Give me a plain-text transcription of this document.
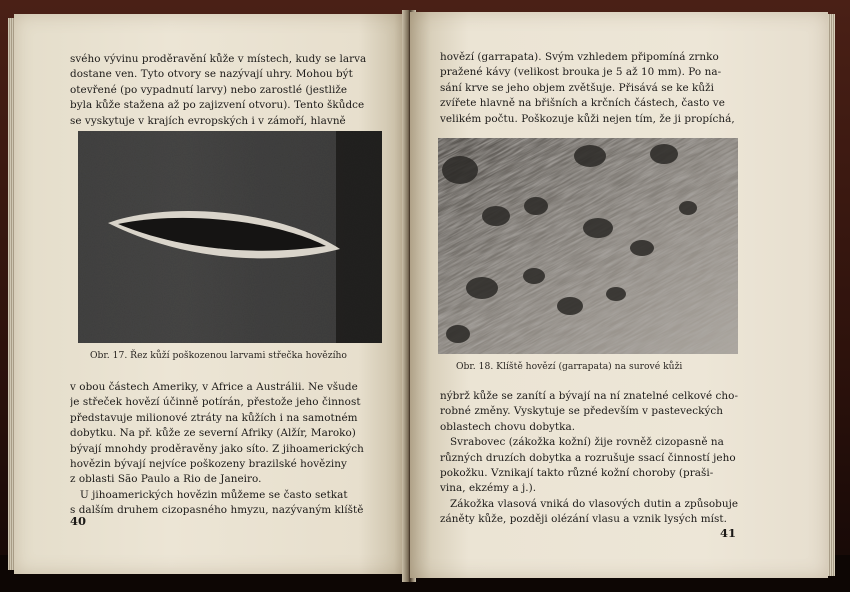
svého vývinu proděravění kůže v místech, kudy se larva
dostane ven. Tyto otvory se nazývají uhry. Mohou být
otevřené (po vypadnutí larvy) nebo zarostlé (jestliže
byla kůže stažena až po zajizvení otvoru). Tento škůdce
se vyskytuje v krajích evropských i v zámoří, hlavně
Obr. 17. Řez kůží poškozenou larvami střečka hovězího
v obou částech Ameriky, v Africe a Austrálii. Ne všude
je střeček hovězí účinně potírán, přestože jeho činnost
představuje milionové ztráty na kůžích i na samotném
dobytku. Na př. kůže ze severní Afriky (Alžír, Maroko)
bývají mnohdy proděravěny jako síto. Z jihoamerických
hovězin bývají nejvíce poškozeny brazilské hověziny
z oblasti São Paulo a Rio de Janeiro.
U jihoamerických hovězin můžeme se často setkat
s dalším druhem cizopasného hmyzu, nazývaným klíště
40
hovězí (garrapata). Svým vzhledem připomíná zrnko
pražené kávy (velikost brouka je 5 až 10 mm). Po na-
sání krve se jeho objem zvětšuje. Přisává se ke kůži
zvířete hlavně na břišních a krčních částech, často ve
velikém počtu. Poškozuje kůži nejen tím, že ji propíchá,
Obr. 18. Klíště hovězí (garrapata) na surové kůži
nýbrž kůže se zanítí a bývají na ní znatelné celkové cho-
robné změny. Vyskytuje se především v pasteveckých
oblastech chovu dobytka.
Svrabovec (zákožka kožní) žije rovněž cizopasně na
různých druzích dobytka a rozrušuje ssací činností jeho
pokožku. Vznikají takto různé kožní choroby (praši-
vina, ekzémy a j.).
Zákožka vlasová vniká do vlasových dutin a způsobuje
záněty kůže, později olézání vlasu a vznik lysých míst.
41
